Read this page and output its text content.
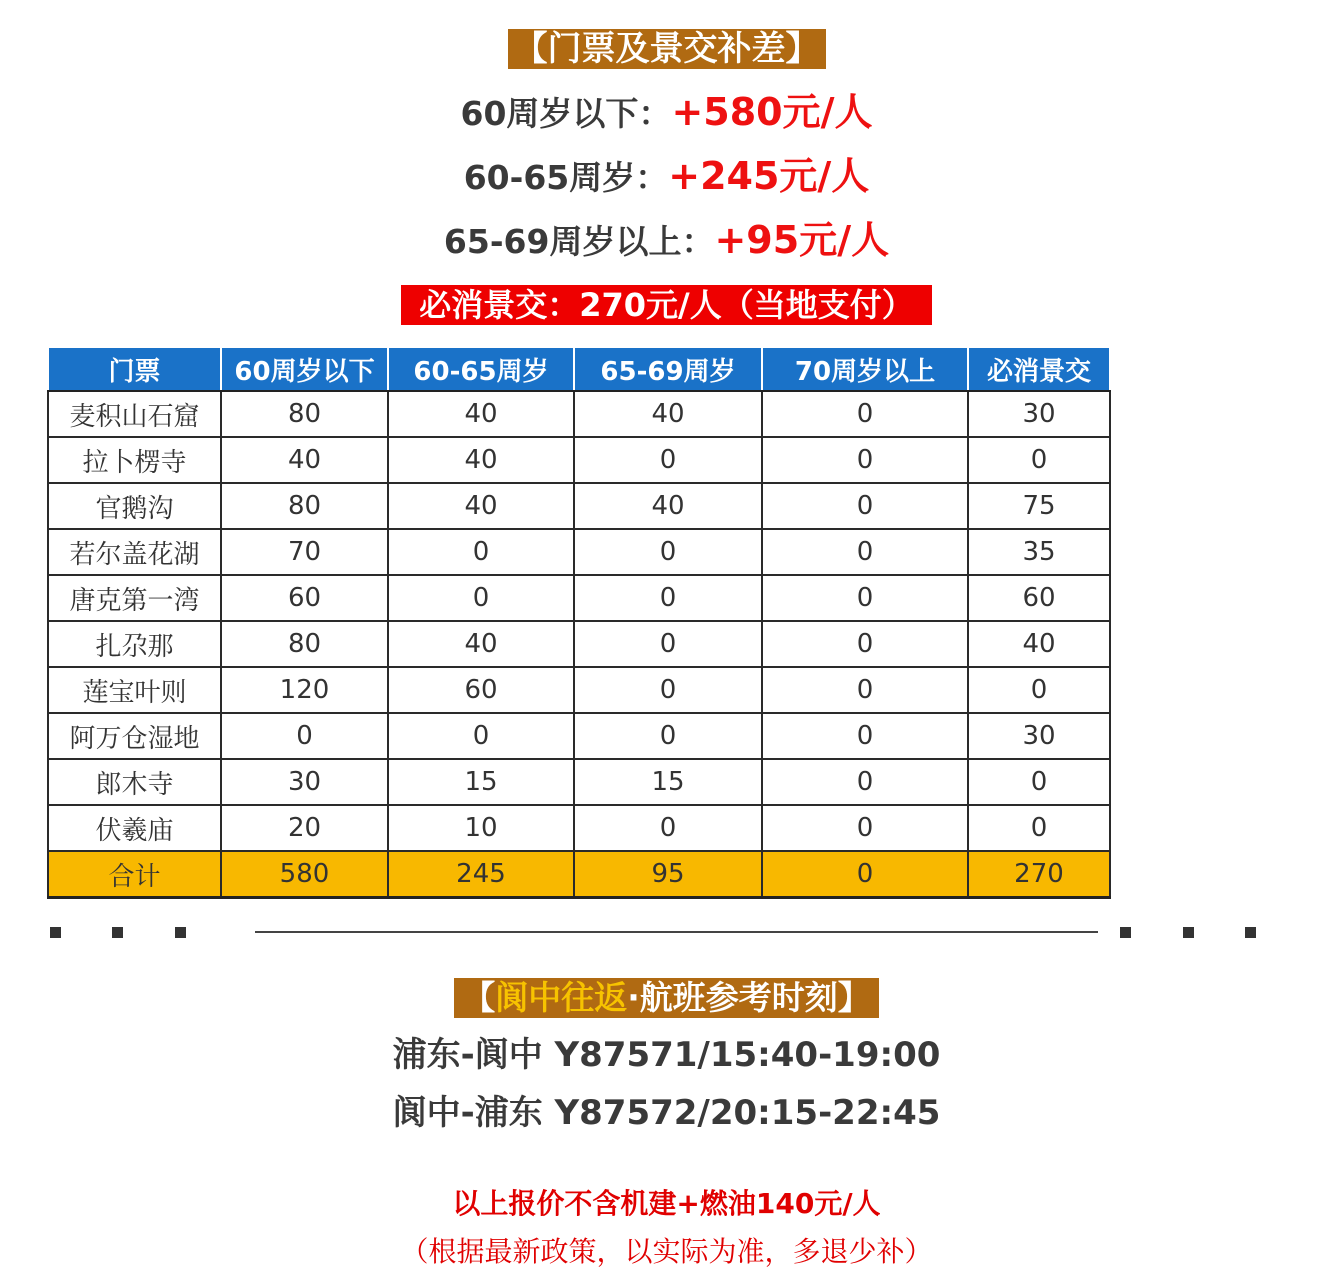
【门票及景交补差】
60周岁以下：+580元/人
60-65周岁：+245元/人
65-69周岁以上：+95元/人
必消景交：270元/人（当地支付）
门票	60周岁以下	60-65周岁	65-69周岁	70周岁以上	必消景交
麦积山石窟	80	40	40	0	30
拉卜楞寺	40	40	0	0	0
官鹅沟	80	40	40	0	75
若尔盖花湖	70	0	0	0	35
唐克第一湾	60	0	0	0	60
扎尕那	80	40	0	0	40
莲宝叶则	120	60	0	0	0
阿万仓湿地	0	0	0	0	30
郎木寺	30	15	15	0	0
伏羲庙	20	10	0	0	0
合计	580	245	95	0	270
【阆中往返·航班参考时刻】
浦东-阆中 Y87571/15:40-19:00
阆中-浦东 Y87572/20:15-22:45
以上报价不含机建+燃油140元/人
（根据最新政策，以实际为准，多退少补）
